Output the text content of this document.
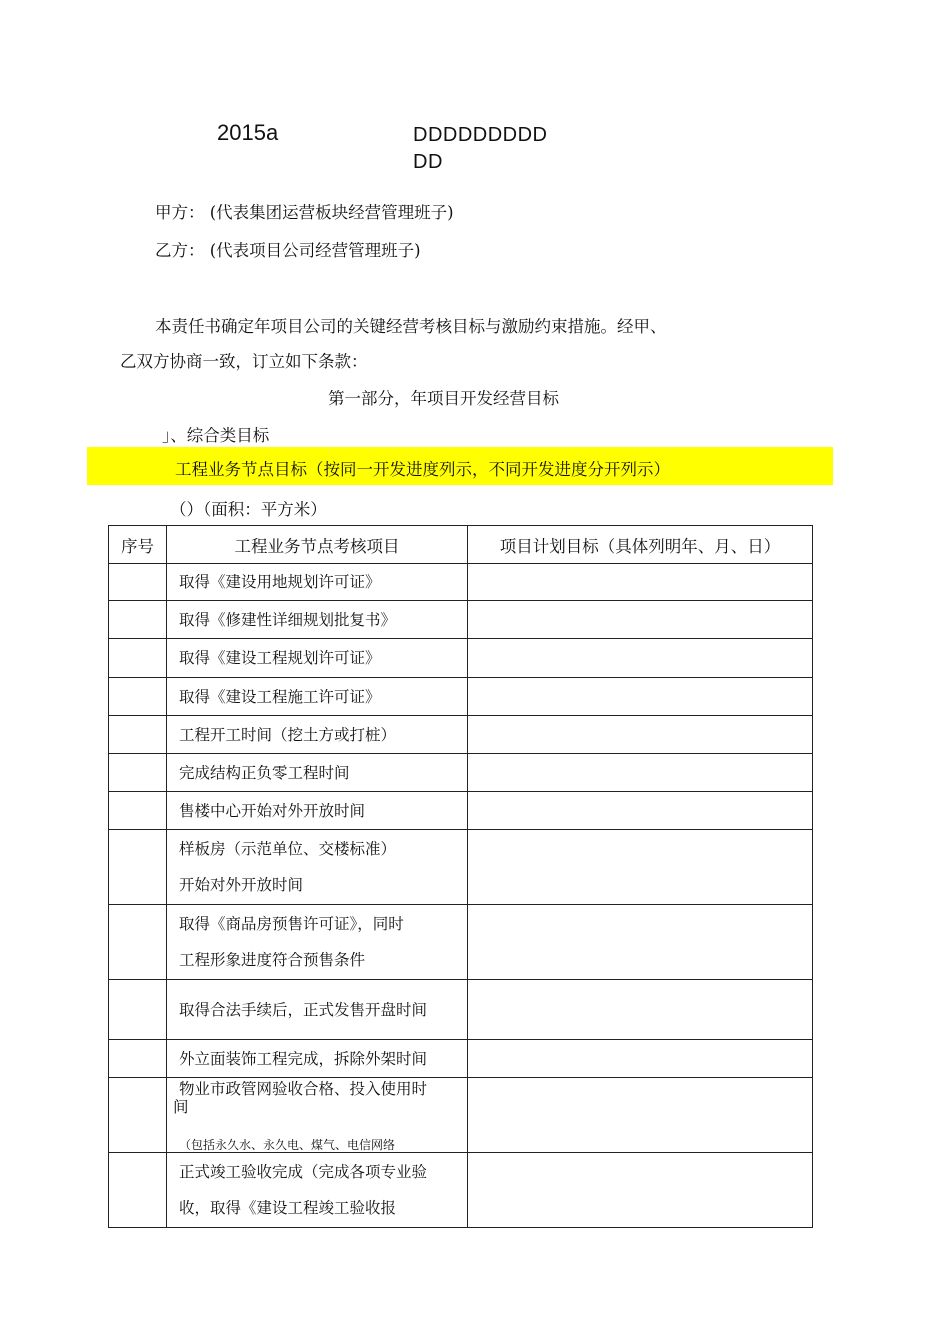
2015a	DDDDDDDDD
DD
甲方： (代表集团运营板块经营管理班子)
乙方： (代表项目公司经营管理班子)
本责任书确定年项目公司的关键经营考核目标与激励约束措施。经甲、
乙双方协商一致，订立如下条款：
第一部分，年项目开发经营目标
」、综合类目标
工程业务节点目标（按同一开发进度列示，不同开发进度分开列示）
（）（面积：平方米）
序号	工程业务节点考核项目	项目计划目标（具体列明年、月、日）

	取得《建设用地规划许可证》	

	取得《修建性详细规划批复书》	

	取得《建设工程规划许可证》	

	取得《建设工程施工许可证》	

	工程开工时间（挖土方或打桩）	

	完成结构正负零工程时间	

	售楼中心开始对外开放时间	

	样板房（示范单位、交楼标准）
开始对外开放时间	

	取得《商品房预售许可证》，同时
工程形象进度符合预售条件	

	取得合法手续后，正式发售开盘时间	

	外立面装饰工程完成，拆除外架时间	

	物业市政管网验收合格、投入使用时
间
（包括永久水、永久电、煤气、电信网络	

	正式竣工验收完成（完成各项专业验
收，取得《建设工程竣工验收报	
